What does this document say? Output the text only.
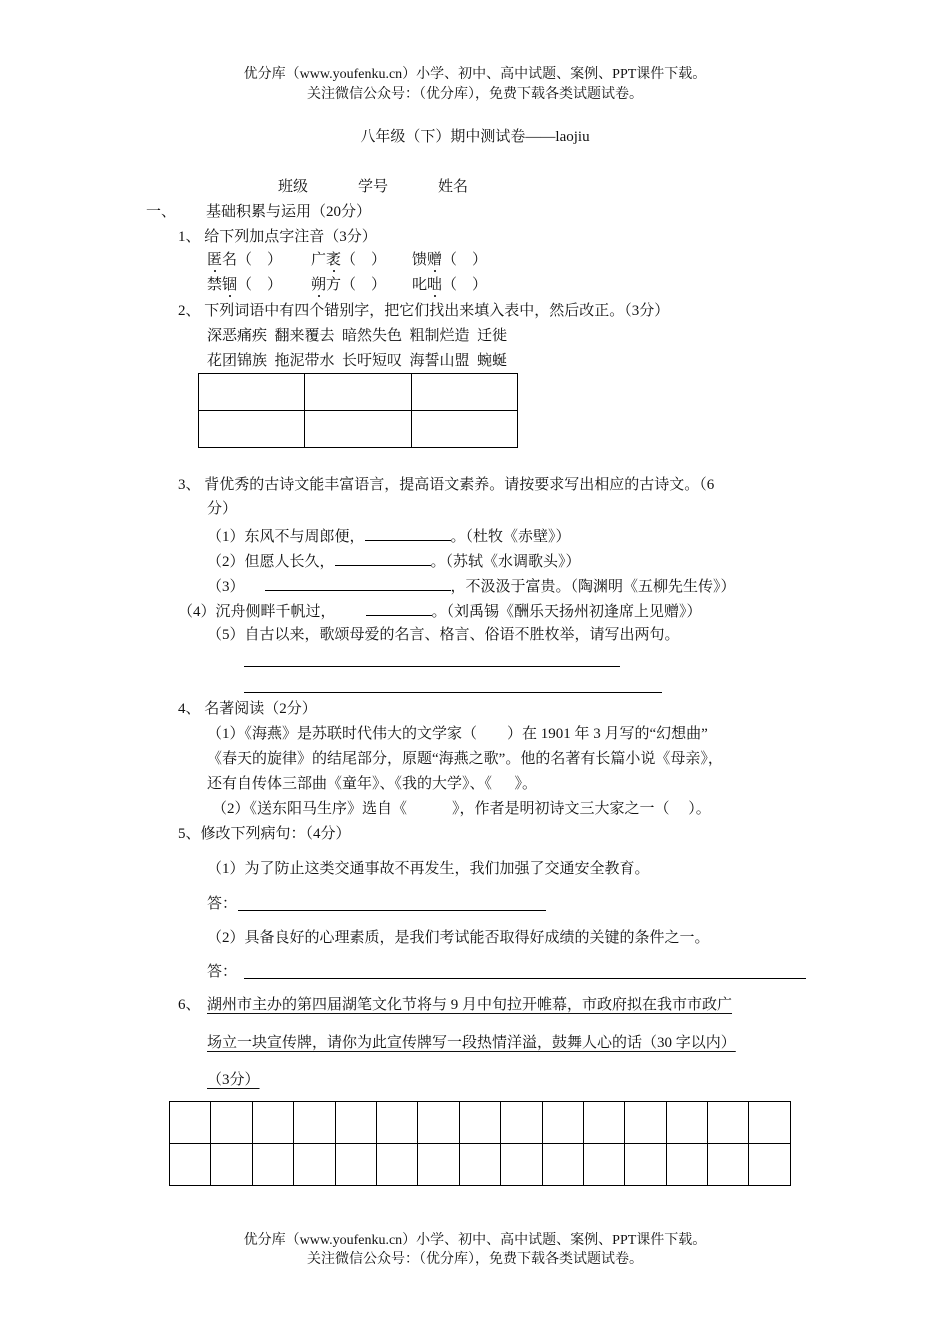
优分库（www.youfenku.cn）小学、初中、高中试题、案例、PPT课件下载。
关注微信公众号：（优分库），免费下载各类试题试卷。
八年级（下）期中测试卷——laojiu
班级	学号	姓名
一、        基础积累与运用（20分）
1、 给下列加点字注音（3分）
匿名（    ） 广袤（    ） 馈赠（    ）
禁锢（    ） 朔方（    ） 叱咄（    ）
2、 下列词语中有四个错别字，把它们找出来填入表中，然后改正。（3分）
深恶痛疾  翻来覆去  暗然失色  粗制烂造  迁徙
花团锦族  拖泥带水  长吁短叹  海誓山盟  蜿蜒

3、 背优秀的古诗文能丰富语言，提高语文素养。请按要求写出相应的古诗文。（6
分）
（1）东风不与周郎便，	。（杜牧《赤壁》）
（2）但愿人长久，	。（苏轼《水调歌头》）
（3）	，不汲汲于富贵。（陶渊明《五柳先生传》）
（4）沉舟侧畔千帆过，	。（刘禹锡《酬乐天扬州初逢席上见赠》）
（5）自古以来，歌颂母爱的名言、格言、俗语不胜枚举，请写出两句。
4、 名著阅读（2分）
（1）《海燕》是苏联时代伟大的文学家（        ）在 1901 年 3 月写的“幻想曲”
《春天的旋律》的结尾部分，原题“海燕之歌”。他的名著有长篇小说《母亲》，
还有自传体三部曲《童年》、《我的大学》、《      》。
（2）《送东阳马生序》选自《            》，作者是明初诗文三大家之一（     ）。
5、修改下列病句：（4分）
（1）为了防止这类交通事故不再发生，我们加强了交通安全教育。
答：
（2）具备良好的心理素质，是我们考试能否取得好成绩的关键的条件之一。
答：
6、 湖州市主办的第四届湖笔文化节将与 9 月中旬拉开帷幕，市政府拟在我市市政广
场立一块宣传牌，请你为此宣传牌写一段热情洋溢，鼓舞人心的话（30 字以内）
（3分）

优分库（www.youfenku.cn）小学、初中、高中试题、案例、PPT课件下载。
关注微信公众号：（优分库），免费下载各类试题试卷。
